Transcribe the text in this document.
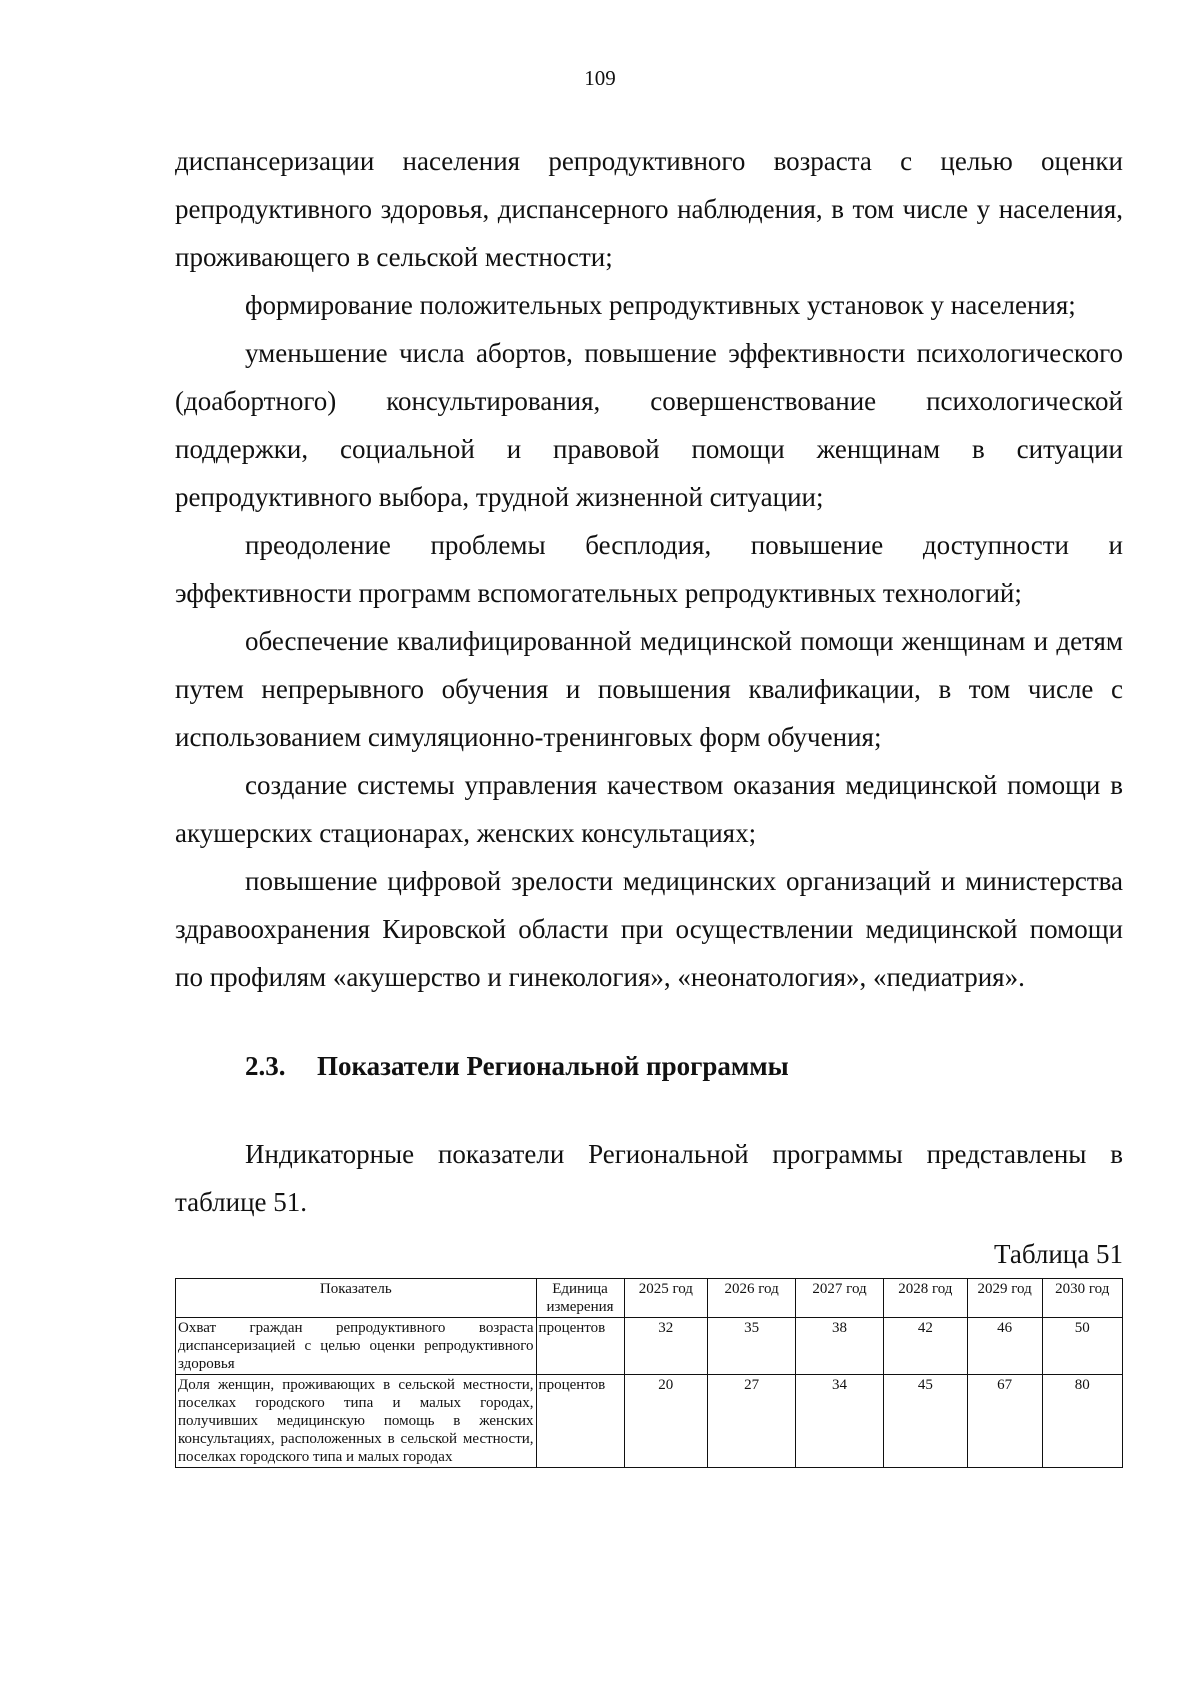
109

диспансеризации населения репродуктивного возраста с целью оценки репродуктивного здоровья, диспансерного наблюдения, в том числе у населения, проживающего в сельской местности;

формирование положительных репродуктивных установок у населения;

уменьшение числа абортов, повышение эффективности психологического (доабортного) консультирования, совершенствование психологической поддержки, социальной и правовой помощи женщинам в ситуации репродуктивного выбора, трудной жизненной ситуации;

преодоление проблемы бесплодия, повышение доступности и эффективности программ вспомогательных репродуктивных технологий;

обеспечение квалифицированной медицинской помощи женщинам и детям путем непрерывного обучения и повышения квалификации, в том числе с использованием симуляционно-тренинговых форм обучения;

создание системы управления качеством оказания медицинской помощи в акушерских стационарах, женских консультациях;

повышение цифровой зрелости медицинских организаций и министерства здравоохранения Кировской области при осуществлении медицинской помощи по профилям «акушерство и гинекология», «неонатология», «педиатрия».

2.3. Показатели Региональной программы

Индикаторные показатели Региональной программы представлены в таблице 51.

Таблица 51
Показатель	Единица измерения	2025 год	2026 год	2027 год	2028 год	2029 год	2030 год
Охват граждан репродуктивного возраста диспансеризацией с целью оценки репродуктивного здоровья	процентов	32	35	38	42	46	50
Доля женщин, проживающих в сельской местности, поселках городского типа и малых городах, получивших медицинскую помощь в женских консультациях, расположенных в сельской местности, поселках городского типа и малых городах	процентов	20	27	34	45	67	80
